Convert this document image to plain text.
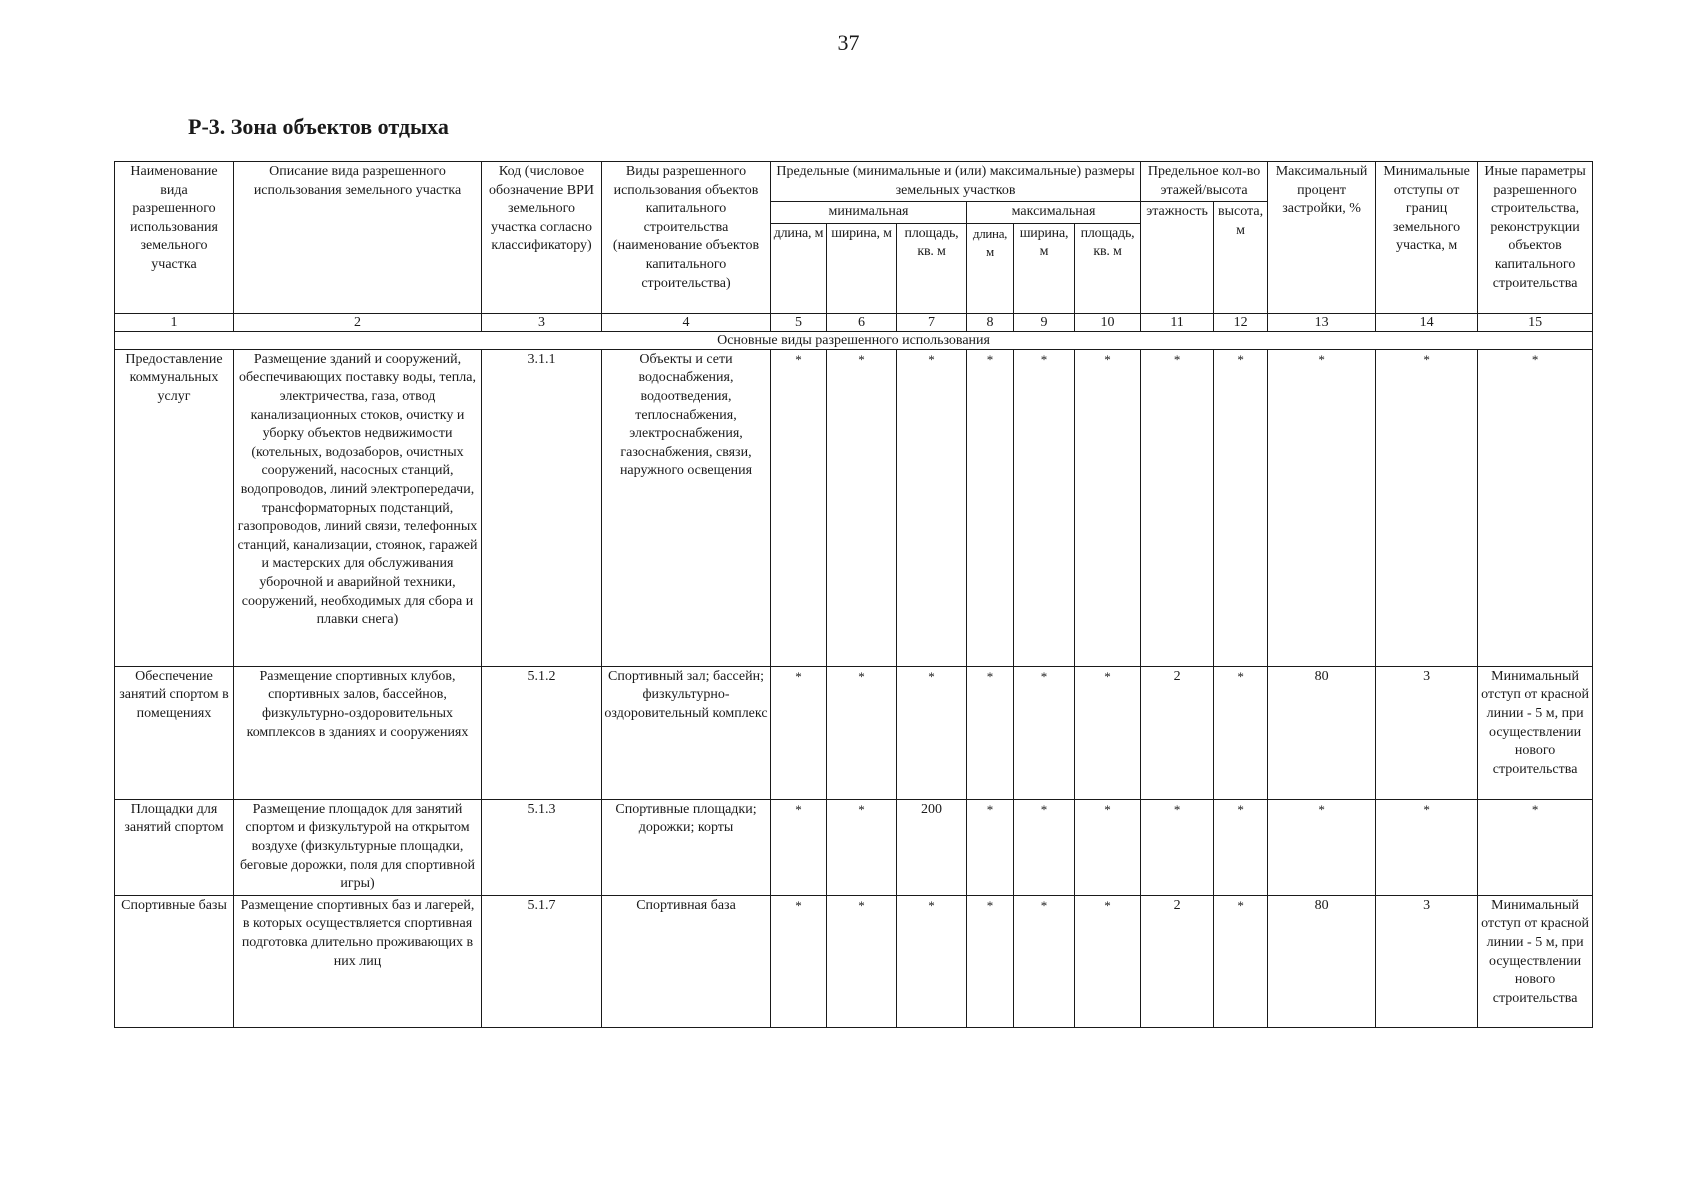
37
Р-3. Зона объектов отдыха
Наименование вида разрешенного использования земельного участка	Описание вида разрешенного использования земельного участка	Код (числовое обозначение ВРИ земельного участка согласно классификатору)	Виды разрешенного использования объектов капитального строительства (наименование объектов капитального строительства)	Предельные (минимальные и (или) максимальные) размеры земельных участков						Предельное кол-во этажей/высота		Максимальный процент застройки, %	Минимальные отступы от границ земельного участка, м	Иные параметры разрешенного строительства, реконструкции объектов капитального строительства
				минимальная			максимальная			этажность	высота, м			
				длина, м	ширина, м	площадь, кв. м	длина, м	ширина, м	площадь, кв. м					
1	2	3	4	5	6	7	8	9	10	11	12	13	14	15
Основные виды разрешенного использования														
Предоставление коммунальных услуг	Размещение зданий и сооружений, обеспечивающих поставку воды, тепла, электричества, газа, отвод канализационных стоков, очистку и уборку объектов недвижимости (котельных, водозаборов, очистных сооружений, насосных станций, водопроводов, линий электропередачи, трансформаторных подстанций, газопроводов, линий связи, телефонных станций, канализации, стоянок, гаражей и мастерских для обслуживания уборочной и аварийной техники, сооружений, необходимых для сбора и плавки снега)	3.1.1	Объекты и сети водоснабжения, водоотведения, теплоснабжения, электроснабжения, газоснабжения, связи, наружного освещения	*	*	*	*	*	*	*	*	*	*	*
Обеспечение занятий спортом в помещениях	Размещение спортивных клубов, спортивных залов, бассейнов, физкультурно-оздоровительных комплексов в зданиях и сооружениях	5.1.2	Спортивный зал; бассейн; физкультурно-оздоровительный комплекс	*	*	*	*	*	*	2	*	80	3	Минимальный отступ от красной линии - 5 м, при осуществлении нового строительства
Площадки для занятий спортом	Размещение площадок для занятий спортом и физкультурой на открытом воздухе (физкультурные площадки, беговые дорожки, поля для спортивной игры)	5.1.3	Спортивные площадки; дорожки; корты	*	*	200	*	*	*	*	*	*	*	*
Спортивные базы	Размещение спортивных баз и лагерей, в которых осуществляется спортивная подготовка длительно проживающих в них лиц	5.1.7	Спортивная база	*	*	*	*	*	*	2	*	80	3	Минимальный отступ от красной линии - 5 м, при осуществлении нового строительства
